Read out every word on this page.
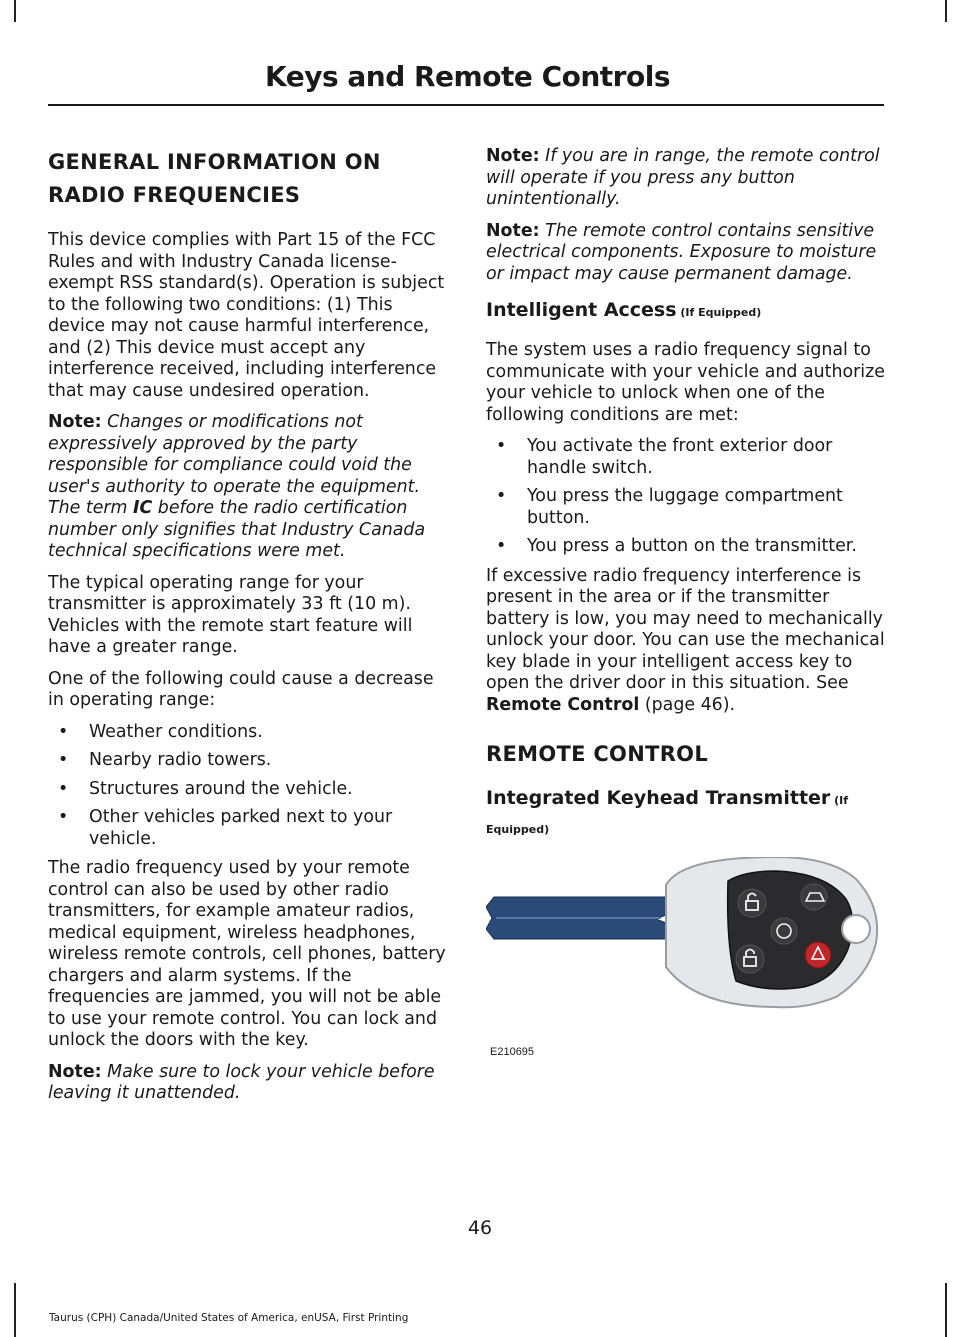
Keys and Remote Controls
GENERAL INFORMATION ON RADIO FREQUENCIES

This device complies with Part 15 of the FCC Rules and with Industry Canada license-exempt RSS standard(s). Operation is subject to the following two conditions: (1) This device may not cause harmful interference, and (2) This device must accept any interference received, including interference that may cause undesired operation.

Note: Changes or modifications not expressively approved by the party responsible for compliance could void the user's authority to operate the equipment. The term IC before the radio certification number only signifies that Industry Canada technical specifications were met.

The typical operating range for your transmitter is approximately 33 ft (10 m). Vehicles with the remote start feature will have a greater range.

One of the following could cause a decrease in operating range:

• Weather conditions.
• Nearby radio towers.
• Structures around the vehicle.
• Other vehicles parked next to your vehicle.

The radio frequency used by your remote control can also be used by other radio transmitters, for example amateur radios, medical equipment, wireless headphones, wireless remote controls, cell phones, battery chargers and alarm systems. If the frequencies are jammed, you will not be able to use your remote control. You can lock and unlock the doors with the key.

Note: Make sure to lock your vehicle before leaving it unattended.

Note: If you are in range, the remote control will operate if you press any button unintentionally.

Note: The remote control contains sensitive electrical components. Exposure to moisture or impact may cause permanent damage.

Intelligent Access (If Equipped)

The system uses a radio frequency signal to communicate with your vehicle and authorize your vehicle to unlock when one of the following conditions are met:

• You activate the front exterior door handle switch.
• You press the luggage compartment button.
• You press a button on the transmitter.

If excessive radio frequency interference is present in the area or if the transmitter battery is low, you may need to mechanically unlock your door. You can use the mechanical key blade in your intelligent access key to open the driver door in this situation. See Remote Control (page 46).

REMOTE CONTROL
Integrated Keyhead Transmitter (If Equipped)
E210695
46
Taurus (CPH) Canada/United States of America, enUSA, First Printing
